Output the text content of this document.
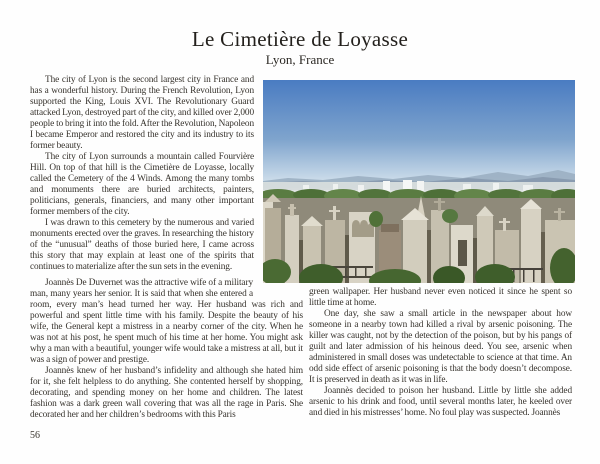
Le Cimetière de Loyasse
Lyon, France

The city of Lyon is the second largest city in France and has a wonderful history. During the French Revolution, Lyon supported the King, Louis XVI. The Revolutionary Guard attacked Lyon, destroyed part of the city, and killed over 2,000 people to bring it into the fold. After the Revolution, Napoleon I became Emperor and restored the city and its industry to its former beauty.

The city of Lyon surrounds a mountain called Fourvière Hill. On top of that hill is the Cimetière de Loyasse, locally called the Cemetery of the 4 Winds. Among the many tombs and monuments there are buried architects, painters, politicians, generals, financiers, and many other important former members of the city.

I was drawn to this cemetery by the numerous and varied monuments erected over the graves. In researching the history of the “unusual” deaths of those buried here, I came across this story that may explain at least one of the spirits that continues to materialize after the sun sets in the evening.

Joannès De Duvernet was the attractive wife of a military man, many years her senior. It is said that when she entered a room, every man’s head turned her way. Her husband was rich and powerful and spent little time with his family. Despite the beauty of his wife, the General kept a mistress in a nearby corner of the city. When he was not at his post, he spent much of his time at her home. You might ask why a man with a beautiful, younger wife would take a mistress at all, but it was a sign of power and prestige.

Joannès knew of her husband’s infidelity and although she hated him for it, she felt helpless to do anything. She contented herself by shopping, decorating, and spending money on her home and children. The latest fashion was a dark green wall covering that was all the rage in Paris. She decorated her and her children’s bedrooms with this Paris

green wallpaper. Her husband never even noticed it since he spent so little time at home.

One day, she saw a small article in the newspaper about how someone in a nearby town had killed a rival by arsenic poisoning. The killer was caught, not by the detection of the poison, but by his pangs of guilt and later admission of his heinous deed. You see, arsenic when administered in small doses was undetectable to science at that time. An odd side effect of arsenic poisoning is that the body doesn’t decompose. It is preserved in death as it was in life.

Joannès decided to poison her husband. Little by little she added arsenic to his drink and food, until several months later, he keeled over and died in his mistresses’ home. No foul play was suspected. Joannès

56
